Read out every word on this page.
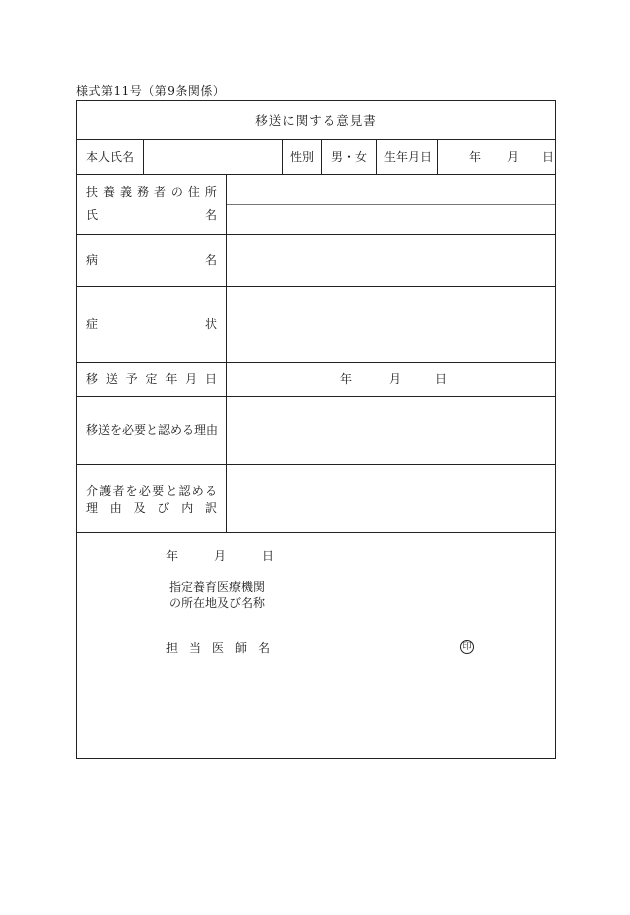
様式第11号（第9条関係）
移送に関する意見書
本人氏名	性別 男・女 生年月日	年 月 日
扶 養 義 務 者 の 住 所
氏	名
病	名
症	状
移 送 予 定 年 月 日	年	月	日
移送を必要と認める理由
介 護 者 を 必 要 と 認 め る
理 由 及 び 内 訳
年	月	日
指定養育医療機関
の所在地及び名称
担 当 医 師 名	印
